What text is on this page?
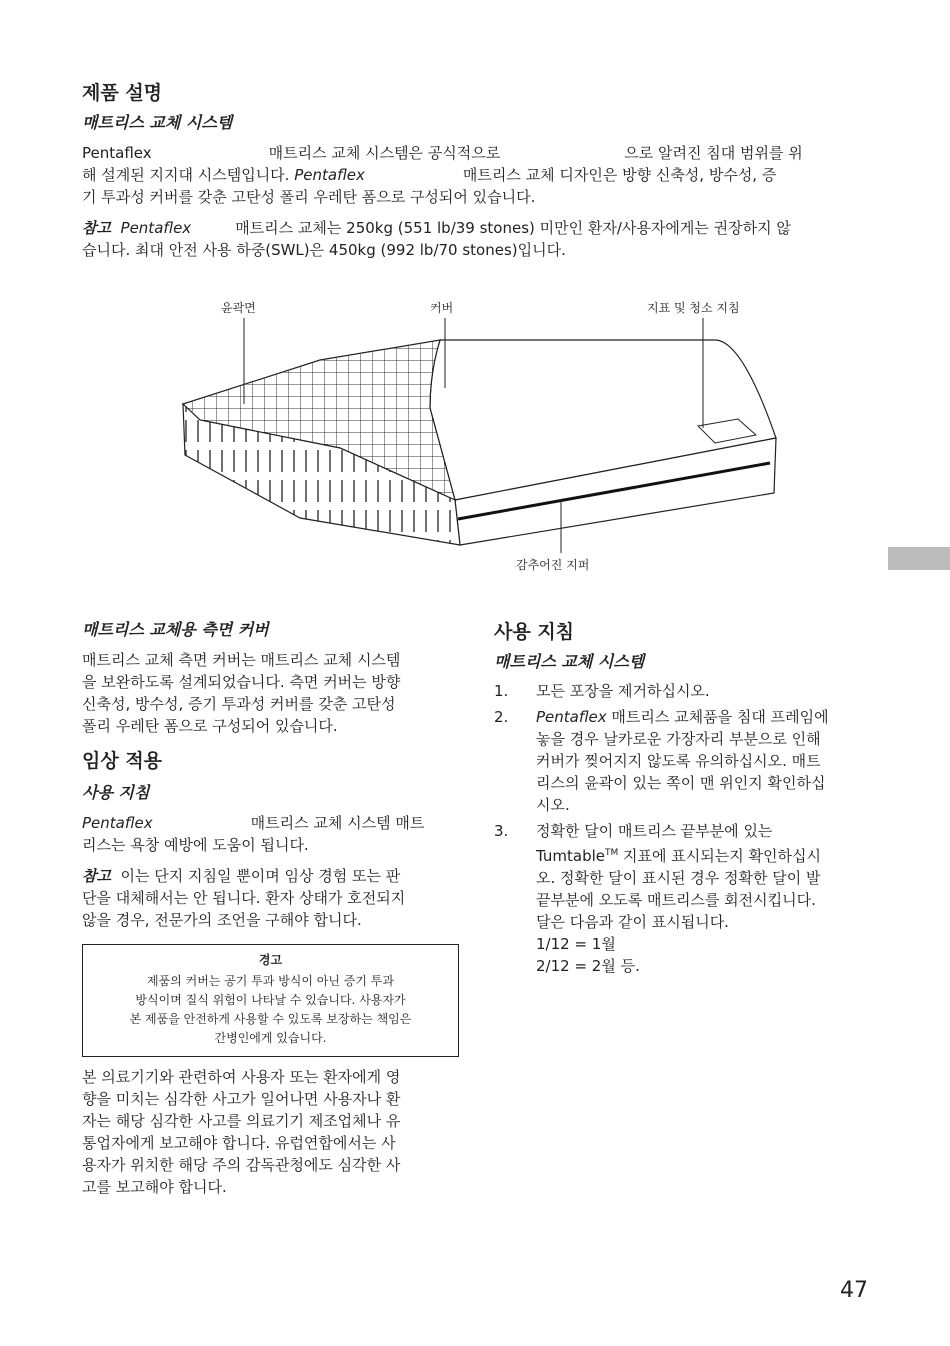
제품 설명
매트리스 교체 시스템
Pentaflex	매트리스 교체 시스템은 공식적으로	으로 알려진 침대 범위를 위
해 설계된 지지대 시스템입니다. Pentaflex	매트리스 교체 디자인은 방향 신축성, 방수성, 증
기 투과성 커버를 갖춘 고탄성 폴리 우레탄 폼으로 구성되어 있습니다.
참고 Pentaflex	매트리스 교체는 250kg (551 lb/39 stones) 미만인 환자/사용자에게는 권장하지 않
습니다. 최대 안전 사용 하중(SWL)은 450kg (992 lb/70 stones)입니다.
윤곽면	커버	지표 및 청소 지침
감추어진 지퍼
매트리스 교체용 측면 커버
매트리스 교체 측면 커버는 매트리스 교체 시스템
을 보완하도록 설계되었습니다. 측면 커버는 방향
신축성, 방수성, 증기 투과성 커버를 갖춘 고탄성
폴리 우레탄 폼으로 구성되어 있습니다.
임상 적용
사용 지침
Pentaflex	매트리스 교체 시스템 매트
리스는 욕창 예방에 도움이 됩니다.
참고 이는 단지 지침일 뿐이며 임상 경험 또는 판
단을 대체해서는 안 됩니다. 환자 상태가 호전되지
않을 경우, 전문가의 조언을 구해야 합니다.
경고
제품의 커버는 공기 투과 방식이 아닌 증기 투과
방식이며 질식 위험이 나타날 수 있습니다. 사용자가
본 제품을 안전하게 사용할 수 있도록 보장하는 책임은
간병인에게 있습니다.
본 의료기기와 관련하여 사용자 또는 환자에게 영
향을 미치는 심각한 사고가 일어나면 사용자나 환
자는 해당 심각한 사고를 의료기기 제조업체나 유
통업자에게 보고해야 합니다. 유럽연합에서는 사
용자가 위치한 해당 주의 감독관청에도 심각한 사
고를 보고해야 합니다.
사용 지침
매트리스 교체 시스템
1. 모든 포장을 제거하십시오.
2. Pentaflex 매트리스 교체품을 침대 프레임에
놓을 경우 날카로운 가장자리 부분으로 인해
커버가 찢어지지 않도록 유의하십시오. 매트
리스의 윤곽이 있는 쪽이 맨 위인지 확인하십
시오.
3. 정확한 달이 매트리스 끝부분에 있는
Tumtable™ 지표에 표시되는지 확인하십시
오. 정확한 달이 표시된 경우 정확한 달이 발
끝부분에 오도록 매트리스를 회전시킵니다.
달은 다음과 같이 표시됩니다.
1/12 = 1월
2/12 = 2월 등.
47
